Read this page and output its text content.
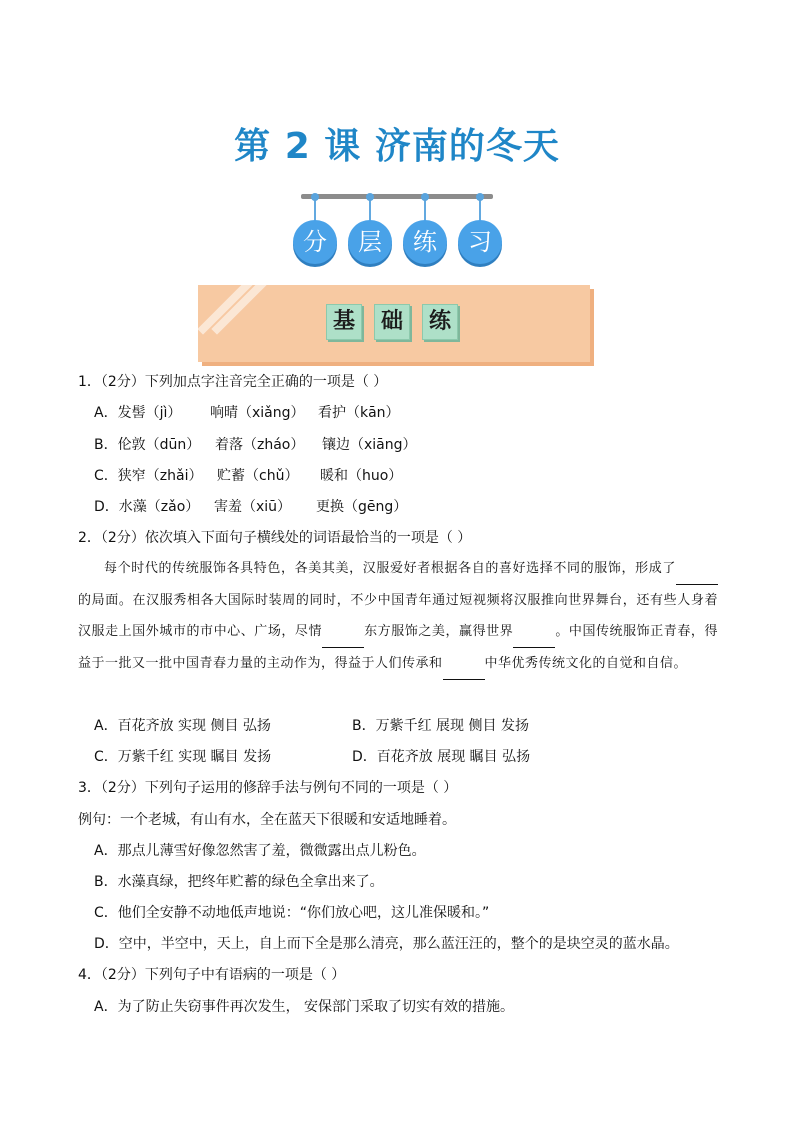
第 2 课 济南的冬天
分	层	练	习
基	础	练
1．（2分）下列加点字注音完全正确的一项是（ ）
A．发髻（jì） 响晴（xiǎng） 看护（kān）
B．伦敦（dūn） 着落（zháo） 镶边（xiāng）
C．狭窄（zhǎi） 贮蓄（chǔ） 暖和（huo）
D．水藻（zǎo） 害羞（xiū） 更换（gēng）
2．（2分）依次填入下面句子横线处的词语最恰当的一项是（ ）
每个时代的传统服饰各具特色，各美其美，汉服爱好者根据各自的喜好选择不同的服饰，形成了的局面。在汉服秀相各大国际时装周的同时，不少中国青年通过短视频将汉服推向世界舞台，还有些人身着汉服走上国外城市的市中心、广场，尽情	东方服饰之美，赢得世界	。中国传统服饰正青春，得益于一批又一批中国青春力量的主动作为，得益于人们传承和	中华优秀传统文化的自觉和自信。
A．百花齐放 实现 侧目 弘扬	B．万紫千红 展现 侧目 发扬
C．万紫千红 实现 瞩目 发扬	D．百花齐放 展现 瞩目 弘扬
3．（2分）下列句子运用的修辞手法与例句不同的一项是（ ）
例句：一个老城，有山有水，全在蓝天下很暖和安适地睡着。
A．那点儿薄雪好像忽然害了羞，微微露出点儿粉色。
B．水藻真绿，把终年贮蓄的绿色全拿出来了。
C．他们全安静不动地低声地说：“你们放心吧，这儿准保暖和。”
D．空中，半空中，天上，自上而下全是那么清亮，那么蓝汪汪的，整个的是块空灵的蓝水晶。
4．（2分）下列句子中有语病的一项是（ ）
A．为了防止失窃事件再次发生， 安保部门采取了切实有效的措施。
